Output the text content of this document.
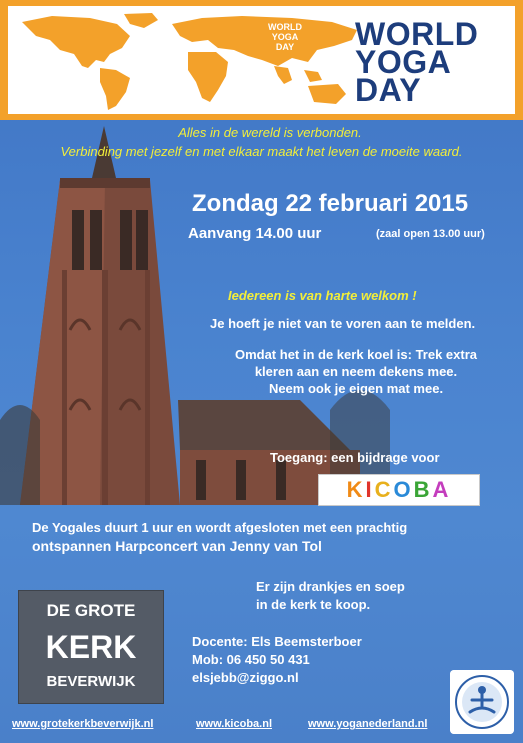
WORLD
YOGA
DAY	WORLD
YOGA
DAY
Alles in de wereld is verbonden.
Verbinding met jezelf en met elkaar maakt het leven de moeite waard.
Zondag 22 februari 2015
Aanvang 14.00 uur	(zaal open 13.00 uur)
Iedereen is van harte welkom !
Je hoeft je niet van te voren aan te melden.
Omdat het in de kerk koel is: Trek extra
kleren aan en neem dekens mee.
Neem ook je eigen mat mee.
Toegang: een bijdrage voor
K I C O B A
De Yogales duurt 1 uur en wordt afgesloten met een prachtig
ontspannen Harpconcert van Jenny van Tol
Er zijn drankjes en soep
in de kerk te koop.
DE GROTE
KERK
BEVERWIJK
Docente: Els Beemsterboer
Mob: 06 450 50 431
elsjebb@ziggo.nl
www.grotekerkbeverwijk.nl	www.kicoba.nl	www.yoganederland.nl
